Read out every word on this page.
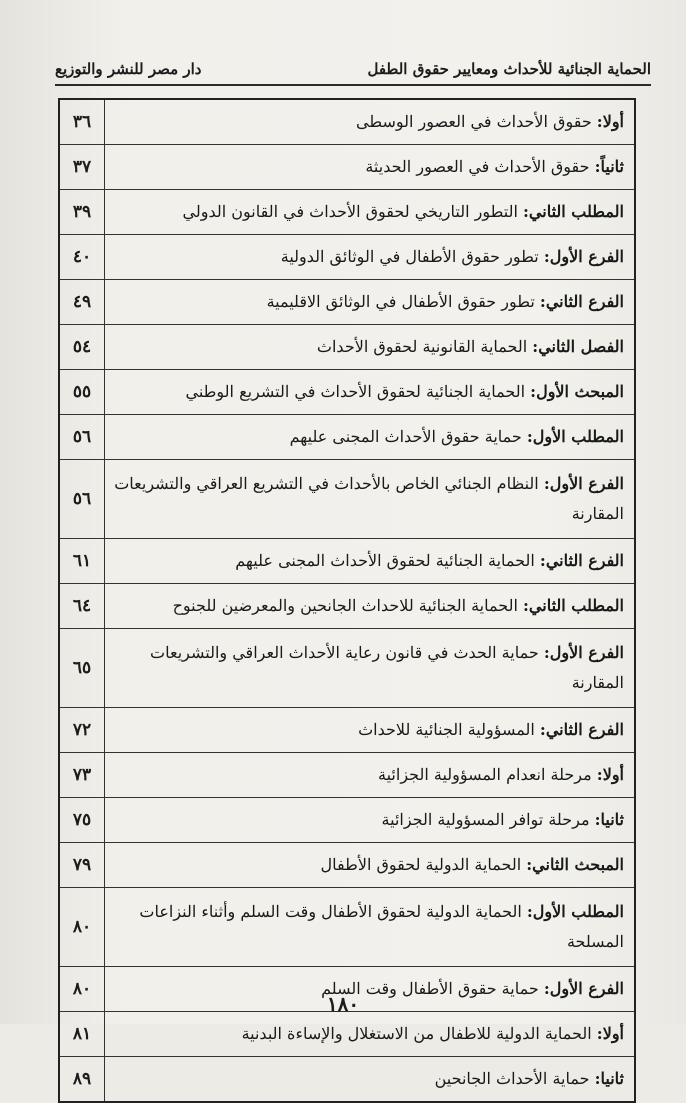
الحماية الجنائية للأحداث ومعايير حقوق الطفل
دار مصر للنشر والتوزيع
أولا: حقوق الأحداث في العصور الوسطى	٣٦
ثانياً: حقوق الأحداث في العصور الحديثة	٣٧
المطلب الثاني: التطور التاريخي لحقوق الأحداث في القانون الدولي	٣٩
الفرع الأول: تطور حقوق الأطفال في الوثائق الدولية	٤٠
الفرع الثاني: تطور حقوق الأطفال في الوثائق الاقليمية	٤٩
الفصل الثاني: الحماية القانونية لحقوق الأحداث	٥٤
المبحث الأول: الحماية الجنائية لحقوق الأحداث في التشريع الوطني	٥٥
المطلب الأول: حماية حقوق الأحداث المجنى عليهم	٥٦
الفرع الأول: النظام الجنائي الخاص بالأحداث في التشريع العراقي والتشريعات المقارنة	٥٦
الفرع الثاني: الحماية الجنائية لحقوق الأحداث المجنى عليهم	٦١
المطلب الثاني: الحماية الجنائية للاحداث الجانحين والمعرضين للجنوح	٦٤
الفرع الأول: حماية الحدث في قانون رعاية الأحداث العراقي والتشريعات المقارنة	٦٥
الفرع الثاني: المسؤولية الجنائية للاحداث	٧٢
أولا: مرحلة انعدام المسؤولية الجزائية	٧٣
ثانيا: مرحلة توافر المسؤولية الجزائية	٧٥
المبحث الثاني: الحماية الدولية لحقوق الأطفال	٧٩
المطلب الأول: الحماية الدولية لحقوق الأطفال وقت السلم وأثناء النزاعات المسلحة	٨٠
الفرع الأول: حماية حقوق الأطفال وقت السلم	٨٠
أولا: الحماية الدولية للاطفال من الاستغلال والإساءة البدنية	٨١
ثانيا: حماية الأحداث الجانحين	٨٩
١٨٠
